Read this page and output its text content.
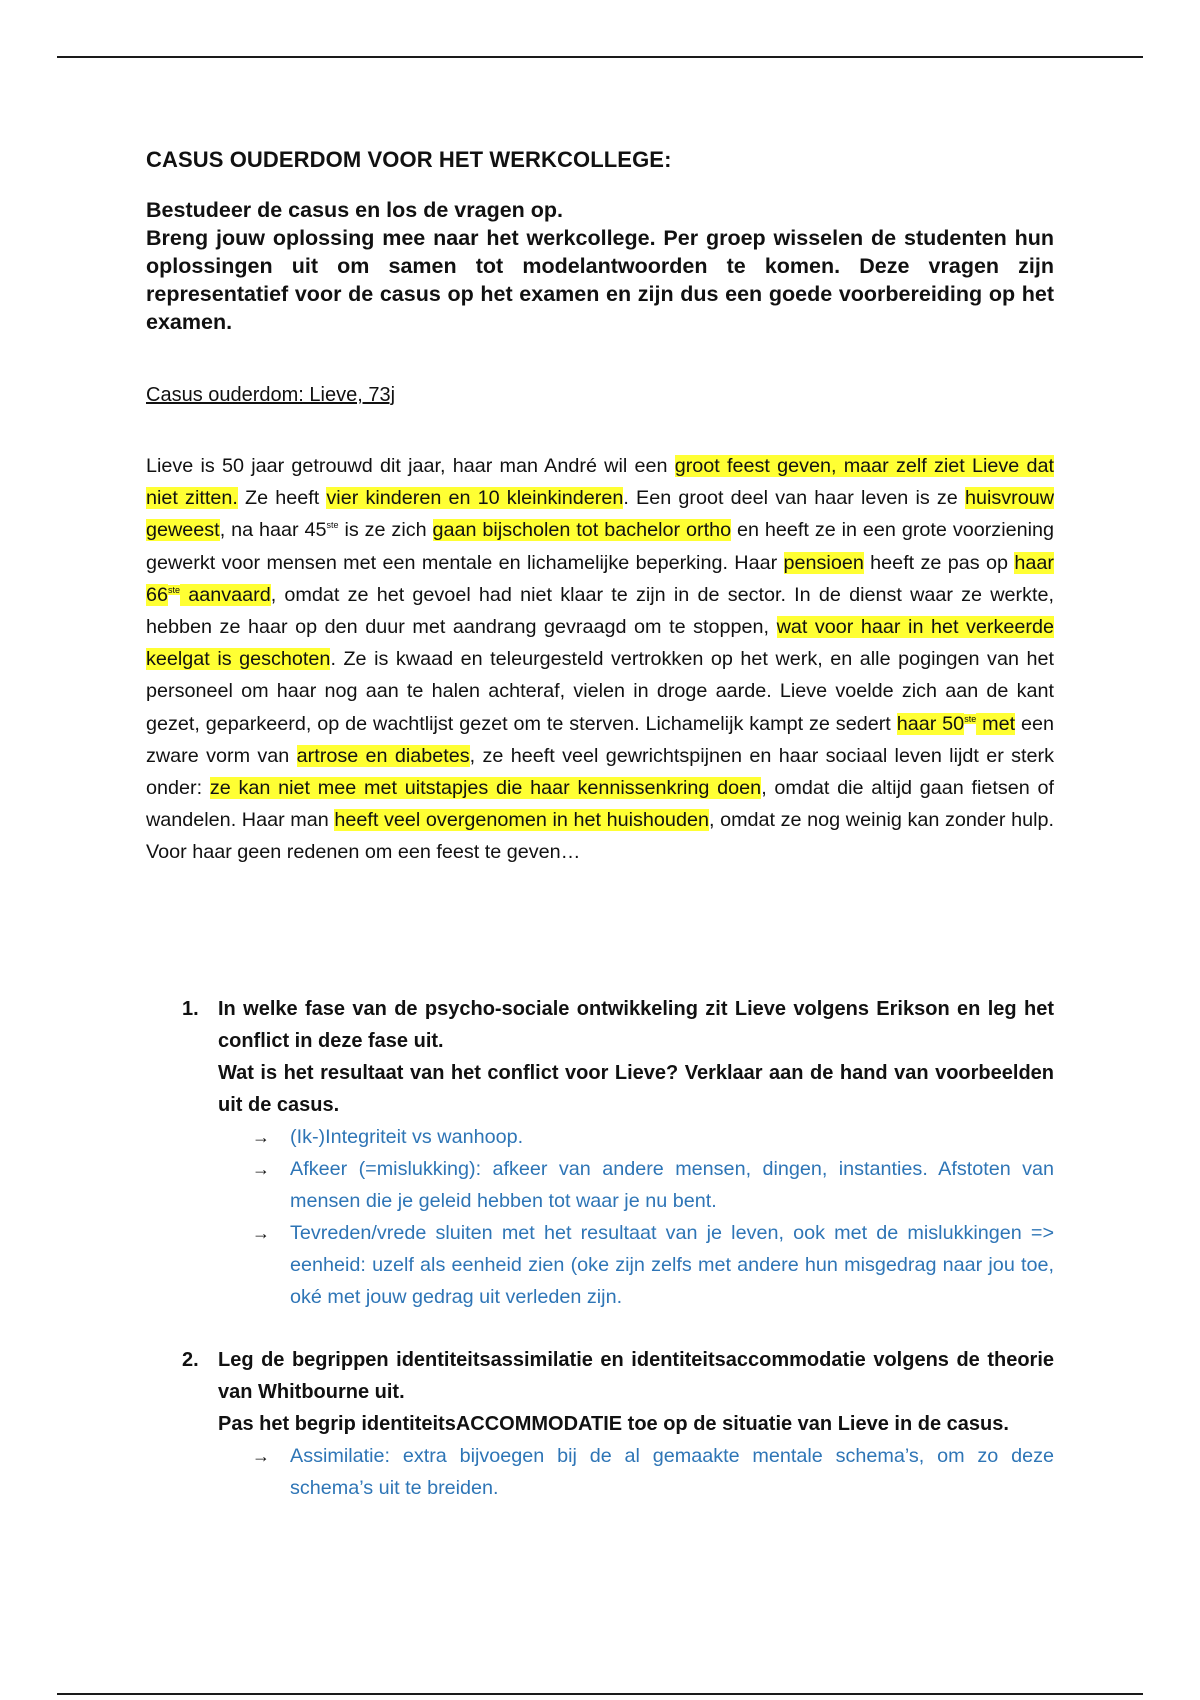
CASUS OUDERDOM VOOR HET WERKCOLLEGE:

Bestudeer de casus en los de vragen op.

Breng jouw oplossing mee naar het werkcollege. Per groep wisselen de studenten hun oplossingen uit om samen tot modelantwoorden te komen. Deze vragen zijn representatief voor de casus op het examen en zijn dus een goede voorbereiding op het examen.

Casus ouderdom: Lieve, 73j

Lieve is 50 jaar getrouwd dit jaar, haar man André wil een groot feest geven, maar zelf ziet Lieve dat niet zitten. Ze heeft vier kinderen en 10 kleinkinderen. Een groot deel van haar leven is ze huisvrouw geweest, na haar 45ste is ze zich gaan bijscholen tot bachelor ortho en heeft ze in een grote voorziening gewerkt voor mensen met een mentale en lichamelijke beperking. Haar pensioen heeft ze pas op haar 66ste aanvaard, omdat ze het gevoel had niet klaar te zijn in de sector. In de dienst waar ze werkte, hebben ze haar op den duur met aandrang gevraagd om te stoppen, wat voor haar in het verkeerde keelgat is geschoten. Ze is kwaad en teleurgesteld vertrokken op het werk, en alle pogingen van het personeel om haar nog aan te halen achteraf, vielen in droge aarde. Lieve voelde zich aan de kant gezet, geparkeerd, op de wachtlijst gezet om te sterven. Lichamelijk kampt ze sedert haar 50ste met een zware vorm van artrose en diabetes, ze heeft veel gewrichtspijnen en haar sociaal leven lijdt er sterk onder: ze kan niet mee met uitstapjes die haar kennissenkring doen, omdat die altijd gaan fietsen of wandelen. Haar man heeft veel overgenomen in het huishouden, omdat ze nog weinig kan zonder hulp. Voor haar geen redenen om een feest te geven…

1. In welke fase van de psycho-sociale ontwikkeling zit Lieve volgens Erikson en leg het conflict in deze fase uit.

Wat is het resultaat van het conflict voor Lieve? Verklaar aan de hand van voorbeelden uit de casus.

→ (Ik-)Integriteit vs wanhoop.
→ Afkeer (=mislukking): afkeer van andere mensen, dingen, instanties. Afstoten van mensen die je geleid hebben tot waar je nu bent.
→ Tevreden/vrede sluiten met het resultaat van je leven, ook met de mislukkingen => eenheid: uzelf als eenheid zien (oke zijn zelfs met andere hun misgedrag naar jou toe, oké met jouw gedrag uit verleden zijn.
2. Leg de begrippen identiteitsassimilatie en identiteitsaccommodatie volgens de theorie van Whitbourne uit.

Pas het begrip identiteitsACCOMMODATIE toe op de situatie van Lieve in de casus.

→ Assimilatie: extra bijvoegen bij de al gemaakte mentale schema’s, om zo deze schema’s uit te breiden.
